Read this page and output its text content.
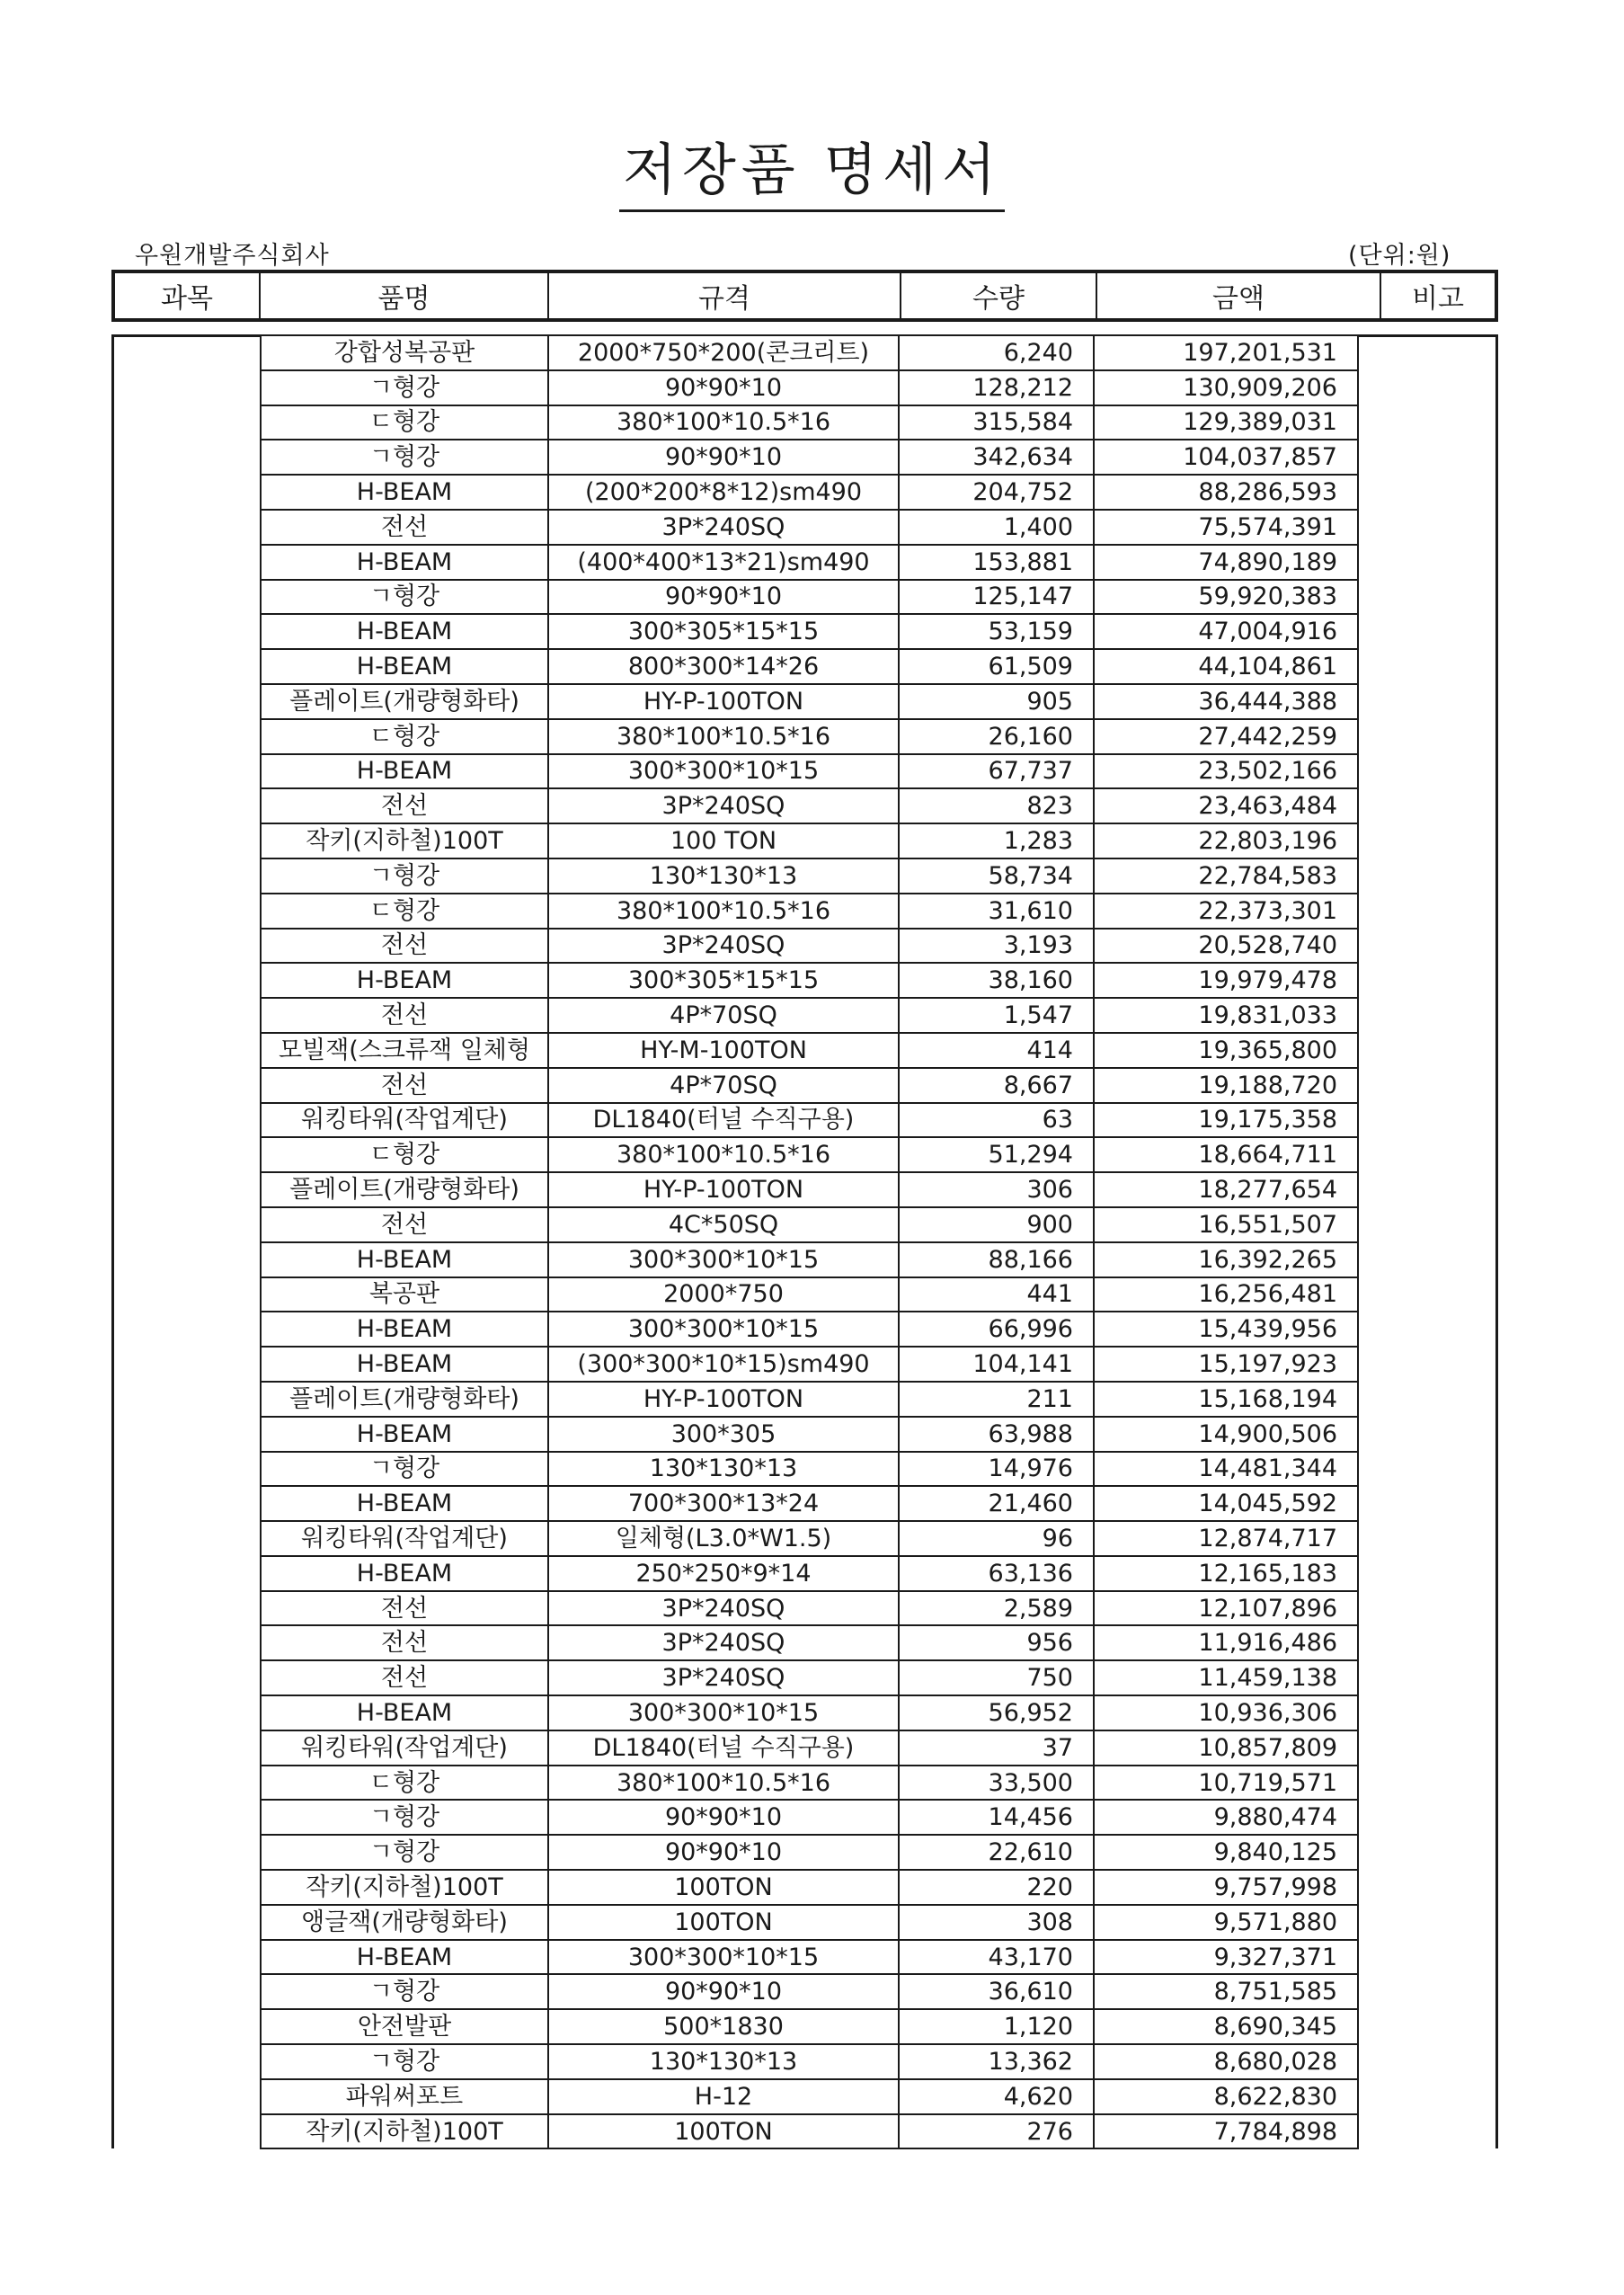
저장품 명세서
우원개발주식회사	(단위:원)
과목	품명	규격	수량	금액	비고
강합성복공판	2000*750*200(콘크리트)	6,240	197,201,531
ㄱ형강	90*90*10	128,212	130,909,206
ㄷ형강	380*100*10.5*16	315,584	129,389,031
ㄱ형강	90*90*10	342,634	104,037,857
H-BEAM	(200*200*8*12)sm490	204,752	88,286,593
전선	3P*240SQ	1,400	75,574,391
H-BEAM	(400*400*13*21)sm490	153,881	74,890,189
ㄱ형강	90*90*10	125,147	59,920,383
H-BEAM	300*305*15*15	53,159	47,004,916
H-BEAM	800*300*14*26	61,509	44,104,861
플레이트(개량형화타)	HY-P-100TON	905	36,444,388
ㄷ형강	380*100*10.5*16	26,160	27,442,259
H-BEAM	300*300*10*15	67,737	23,502,166
전선	3P*240SQ	823	23,463,484
작키(지하철)100T	100 TON	1,283	22,803,196
ㄱ형강	130*130*13	58,734	22,784,583
ㄷ형강	380*100*10.5*16	31,610	22,373,301
전선	3P*240SQ	3,193	20,528,740
H-BEAM	300*305*15*15	38,160	19,979,478
전선	4P*70SQ	1,547	19,831,033
모빌잭(스크류잭 일체형	HY-M-100TON	414	19,365,800
전선	4P*70SQ	8,667	19,188,720
워킹타워(작업계단)	DL1840(터널 수직구용)	63	19,175,358
ㄷ형강	380*100*10.5*16	51,294	18,664,711
플레이트(개량형화타)	HY-P-100TON	306	18,277,654
전선	4C*50SQ	900	16,551,507
H-BEAM	300*300*10*15	88,166	16,392,265
복공판	2000*750	441	16,256,481
H-BEAM	300*300*10*15	66,996	15,439,956
H-BEAM	(300*300*10*15)sm490	104,141	15,197,923
플레이트(개량형화타)	HY-P-100TON	211	15,168,194
H-BEAM	300*305	63,988	14,900,506
ㄱ형강	130*130*13	14,976	14,481,344
H-BEAM	700*300*13*24	21,460	14,045,592
워킹타워(작업계단)	일체형(L3.0*W1.5)	96	12,874,717
H-BEAM	250*250*9*14	63,136	12,165,183
전선	3P*240SQ	2,589	12,107,896
전선	3P*240SQ	956	11,916,486
전선	3P*240SQ	750	11,459,138
H-BEAM	300*300*10*15	56,952	10,936,306
워킹타워(작업계단)	DL1840(터널 수직구용)	37	10,857,809
ㄷ형강	380*100*10.5*16	33,500	10,719,571
ㄱ형강	90*90*10	14,456	9,880,474
ㄱ형강	90*90*10	22,610	9,840,125
작키(지하철)100T	100TON	220	9,757,998
앵글잭(개량형화타)	100TON	308	9,571,880
H-BEAM	300*300*10*15	43,170	9,327,371
ㄱ형강	90*90*10	36,610	8,751,585
안전발판	500*1830	1,120	8,690,345
ㄱ형강	130*130*13	13,362	8,680,028
파워써포트	H-12	4,620	8,622,830
작키(지하철)100T	100TON	276	7,784,898
